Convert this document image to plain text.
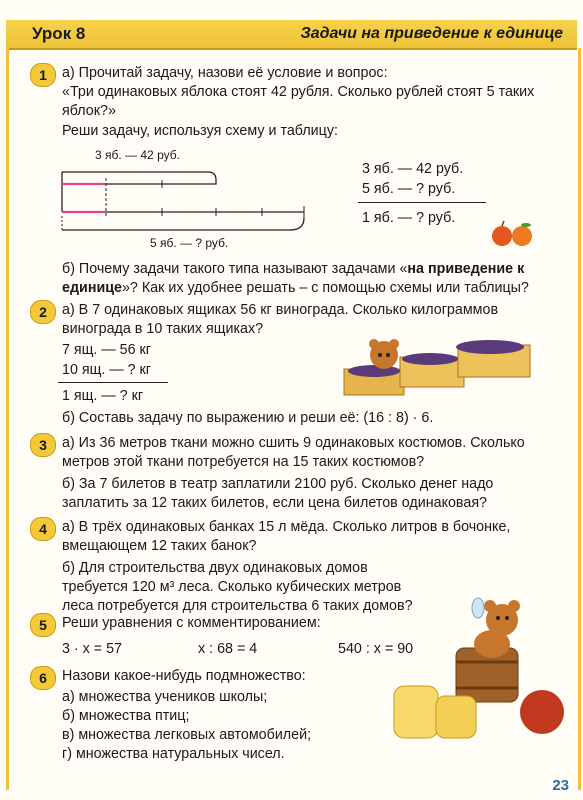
Урок 8	Задачи на приведение к единице
1	а) Прочитай задачу, назови её условие и вопрос:
«Три одинаковых яблока стоят 42 рубля. Сколько рублей стоят 5 таких
яблок?»
Реши задачу, используя схему и таблицу:
3 яб. — 42 руб.
5 яб. — ? руб.
3 яб. — 42 руб.
5 яб. — ? руб.
1 яб. — ? руб.
б) Почему задачи такого типа называют задачами «на приведение к
единице»? Как их удобнее решать – с помощью схемы или таблицы?
2	а) В 7 одинаковых ящиках 56 кг винограда. Сколько килограммов
винограда в 10 таких ящиках?
7 ящ. — 56 кг
10 ящ. — ? кг
1 ящ. — ? кг
б) Составь задачу по выражению и реши её: (16 : 8) · 6.
3	а) Из 36 метров ткани можно сшить 9 одинаковых костюмов. Сколько
метров этой ткани потребуется на 15 таких костюмов?
б) За 7 билетов в театр заплатили 2100 руб. Сколько денег надо
заплатить за 12 таких билетов, если цена билетов одинаковая?
4	а) В трёх одинаковых банках 15 л мёда. Сколько литров в бочонке,
вмещающем 12 таких банок?
б) Для строительства двух одинаковых домов
требуется 120 м³ леса. Сколько кубических метров
леса потребуется для строительства 6 таких домов?
5	Реши уравнения с комментированием:
3 · x = 57	x : 68 = 4	540 : x = 90
6	Назови какое-нибудь подмножество:
а) множества учеников школы;
б) множества птиц;
в) множества легковых автомобилей;
г) множества натуральных чисел.
23
